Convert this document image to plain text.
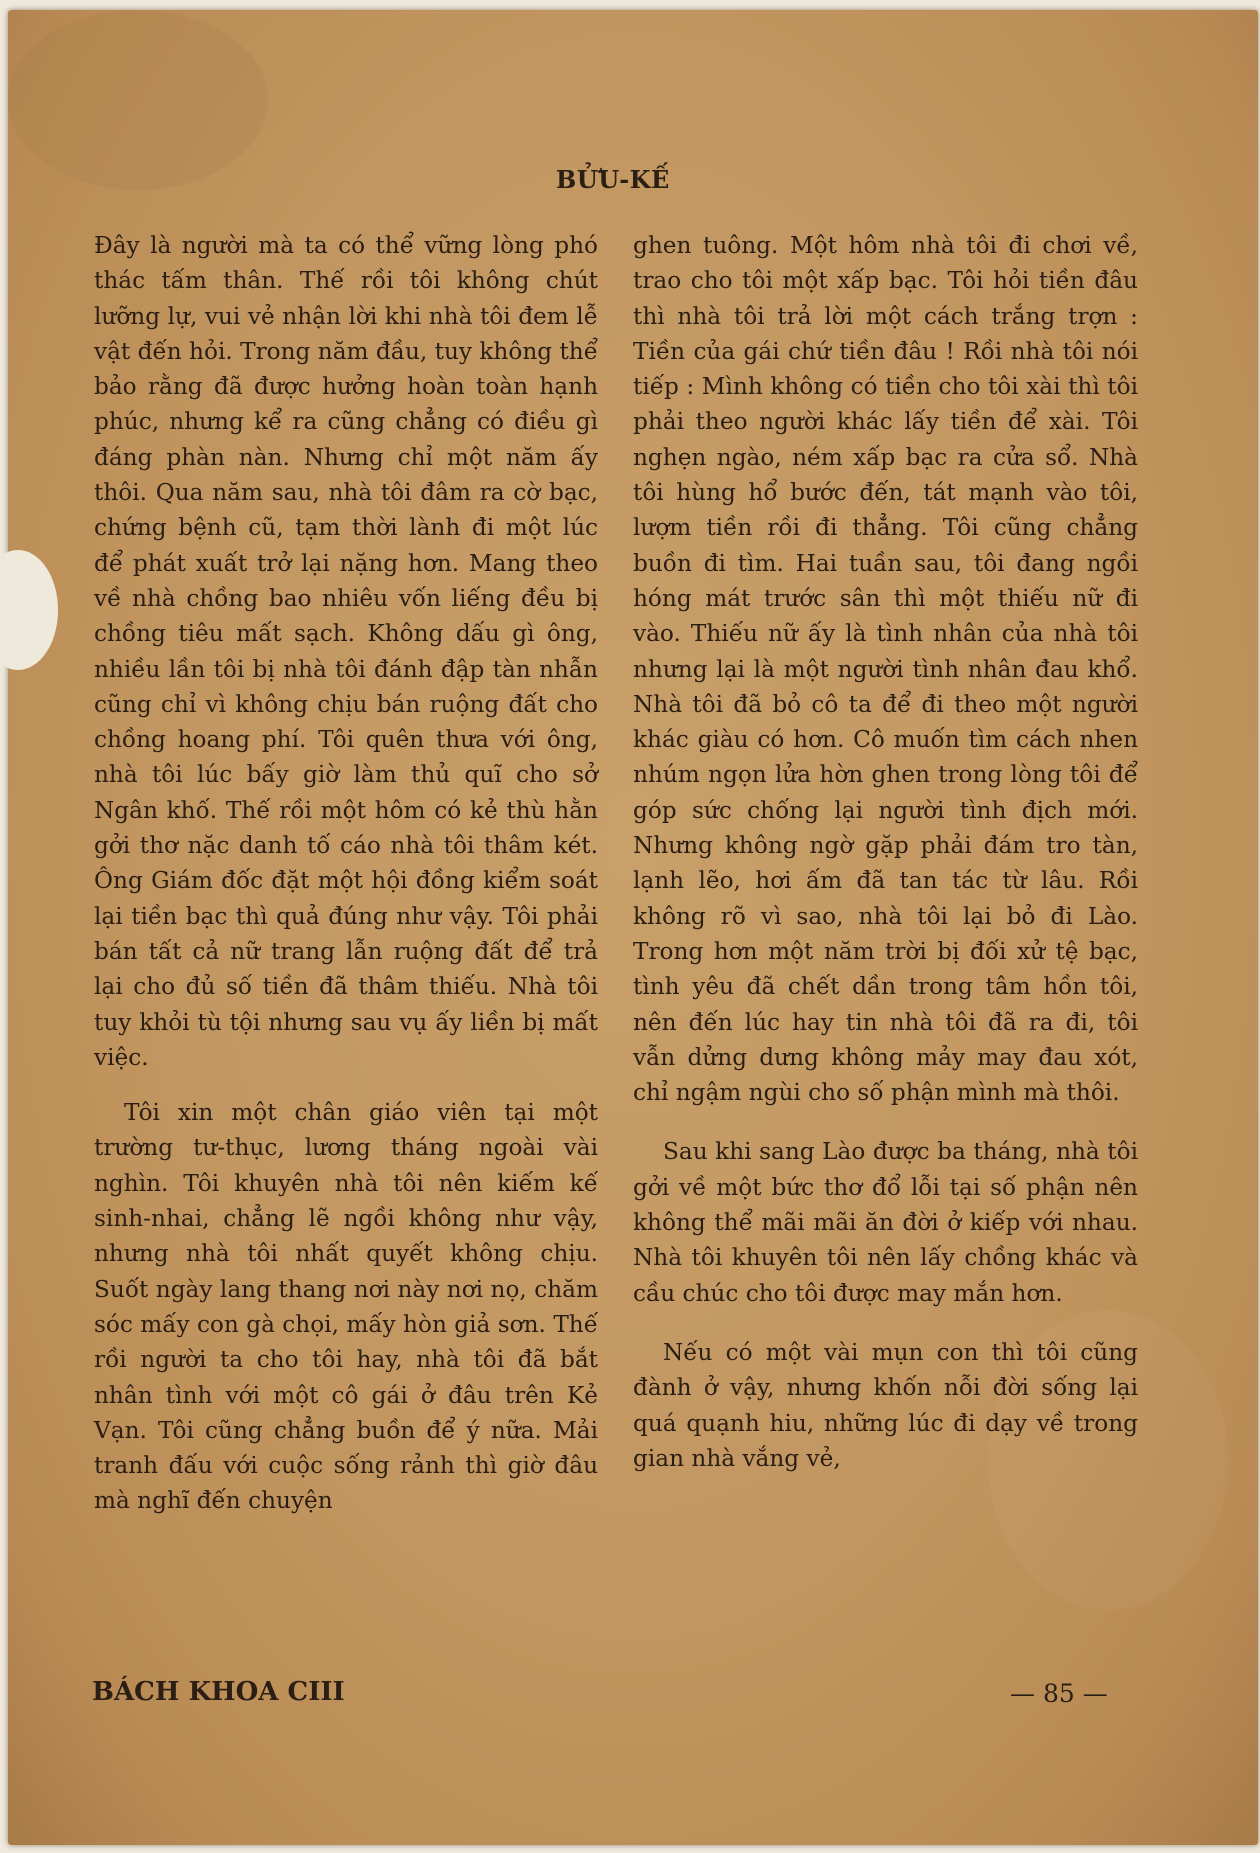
BỬU-KẾ

Đây là người mà ta có thể vững lòng phó thác tấm thân. Thế rồi tôi không chút lưỡng lự, vui vẻ nhận lời khi nhà tôi đem lễ vật đến hỏi. Trong năm đầu, tuy không thể bảo rằng đã được hưởng hoàn toàn hạnh phúc, nhưng kể ra cũng chẳng có điều gì đáng phàn nàn. Nhưng chỉ một năm ấy thôi. Qua năm sau, nhà tôi đâm ra cờ bạc, chứng bệnh cũ, tạm thời lành đi một lúc để phát xuất trở lại nặng hơn. Mang theo về nhà chồng bao nhiêu vốn liếng đều bị chồng tiêu mất sạch. Không dấu gì ông, nhiều lần tôi bị nhà tôi đánh đập tàn nhẫn cũng chỉ vì không chịu bán ruộng đất cho chồng hoang phí. Tôi quên thưa với ông, nhà tôi lúc bấy giờ làm thủ quĩ cho sở Ngân khố. Thế rồi một hôm có kẻ thù hằn gởi thơ nặc danh tố cáo nhà tôi thâm két. Ông Giám đốc đặt một hội đồng kiểm soát lại tiền bạc thì quả đúng như vậy. Tôi phải bán tất cả nữ trang lẫn ruộng đất để trả lại cho đủ số tiền đã thâm thiếu. Nhà tôi tuy khỏi tù tội nhưng sau vụ ấy liền bị mất việc.

Tôi xin một chân giáo viên tại một trường tư-thục, lương tháng ngoài vài nghìn. Tôi khuyên nhà tôi nên kiếm kế sinh-nhai, chẳng lẽ ngồi không như vậy, nhưng nhà tôi nhất quyết không chịu. Suốt ngày lang thang nơi này nơi nọ, chăm sóc mấy con gà chọi, mấy hòn giả sơn. Thế rồi người ta cho tôi hay, nhà tôi đã bắt nhân tình với một cô gái ở đâu trên Kẻ Vạn. Tôi cũng chẳng buồn để ý nữa. Mải tranh đấu với cuộc sống rảnh thì giờ đâu mà nghĩ đến chuyện

ghen tuông. Một hôm nhà tôi đi chơi về, trao cho tôi một xấp bạc. Tôi hỏi tiền đâu thì nhà tôi trả lời một cách trắng trợn : Tiền của gái chứ tiền đâu ! Rồi nhà tôi nói tiếp : Mình không có tiền cho tôi xài thì tôi phải theo người khác lấy tiền để xài. Tôi nghẹn ngào, ném xấp bạc ra cửa sổ. Nhà tôi hùng hổ bước đến, tát mạnh vào tôi, lượm tiền rồi đi thẳng. Tôi cũng chẳng buồn đi tìm. Hai tuần sau, tôi đang ngồi hóng mát trước sân thì một thiếu nữ đi vào. Thiếu nữ ấy là tình nhân của nhà tôi nhưng lại là một người tình nhân đau khổ. Nhà tôi đã bỏ cô ta để đi theo một người khác giàu có hơn. Cô muốn tìm cách nhen nhúm ngọn lửa hờn ghen trong lòng tôi để góp sức chống lại người tình địch mới. Nhưng không ngờ gặp phải đám tro tàn, lạnh lẽo, hơi ấm đã tan tác từ lâu. Rồi không rõ vì sao, nhà tôi lại bỏ đi Lào. Trong hơn một năm trời bị đối xử tệ bạc, tình yêu đã chết dần trong tâm hồn tôi, nên đến lúc hay tin nhà tôi đã ra đi, tôi vẫn dửng dưng không mảy may đau xót, chỉ ngậm ngùi cho số phận mình mà thôi.

Sau khi sang Lào được ba tháng, nhà tôi gởi về một bức thơ đổ lỗi tại số phận nên không thể mãi mãi ăn đời ở kiếp với nhau. Nhà tôi khuyên tôi nên lấy chồng khác và cầu chúc cho tôi được may mắn hơn.

Nếu có một vài mụn con thì tôi cũng đành ở vậy, nhưng khốn nỗi đời sống lại quá quạnh hiu, những lúc đi dạy về trong gian nhà vắng vẻ,

BÁCH KHOA CIII	— 85 —
